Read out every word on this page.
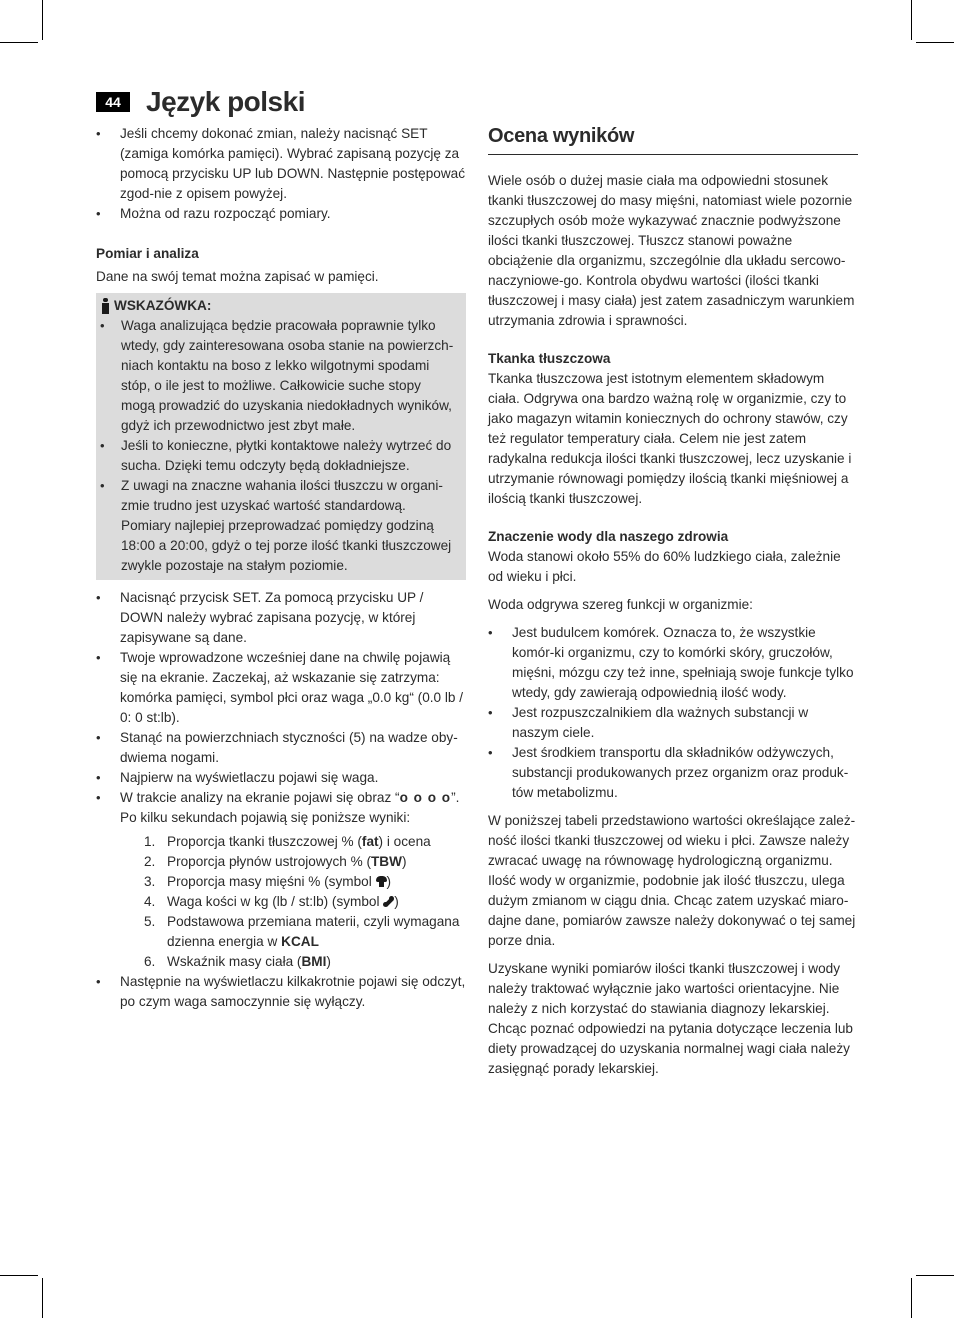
44 Język polski
• Jeśli chcemy dokonać zmian, należy nacisnąć SET (zamiga komórka pamięci). Wybrać zapisaną pozycję za pomocą przycisku UP lub DOWN. Następnie postępować zgod-nie z opisem powyżej.
• Można od razu rozpocząć pomiary.

Pomiar i analiza

Dane na swój temat można zapisać w pamięci.

WSKAZÓWKA:
• Waga analizująca będzie pracowała poprawnie tylko wtedy, gdy zainteresowana osoba stanie na powierzch-niach kontaktu na boso z lekko wilgotnymi spodami stóp, o ile jest to możliwe. Całkowicie suche stopy mogą prowadzić do uzyskania niedokładnych wyników, gdyż ich przewodnictwo jest zbyt małe.
• Jeśli to konieczne, płytki kontaktowe należy wytrzeć do sucha. Dzięki temu odczyty będą dokładniejsze.
• Z uwagi na znaczne wahania ilości tłuszczu w organi-zmie trudno jest uzyskać wartość standardową. Pomiary najlepiej przeprowadzać pomiędzy godziną 18:00 a 20:00, gdyż o tej porze ilość tkanki tłuszczowej zwykle pozostaje na stałym poziomie.
• Nacisnąć przycisk SET. Za pomocą przycisku UP / DOWN należy wybrać zapisana pozycję, w której zapisywane są dane.
• Twoje wprowadzone wcześniej dane na chwilę pojawią się na ekranie. Zaczekaj, aż wskazanie się zatrzyma: komórka pamięci, symbol płci oraz waga „0.0 kg“ (0.0 lb / 0: 0 st:lb).
• Stanąć na powierzchniach styczności (5) na wadze oby-dwiema nogami.
• Najpierw na wyświetlaczu pojawi się waga.
• W trakcie analizy na ekranie pojawi się obraz “o o o o”. Po kilku sekundach pojawią się poniższe wyniki:
1. Proporcja tkanki tłuszczowej % (fat) i ocena
2. Proporcja płynów ustrojowych % (TBW)
3. Proporcja masy mięśni % (symbol )
4. Waga kości w kg (lb / st:lb) (symbol )
5. Podstawowa przemiana materii, czyli wymagana dzienna energia w KCAL
6. Wskaźnik masy ciała (BMI)
• Następnie na wyświetlaczu kilkakrotnie pojawi się odczyt, po czym waga samoczynnie się wyłączy.
Ocena wyników

Wiele osób o dużej masie ciała ma odpowiedni stosunek tkanki tłuszczowej do masy mięśni, natomiast wiele pozornie szczupłych osób może wykazywać znacznie podwyższone ilości tkanki tłuszczowej. Tłuszcz stanowi poważne obciążenie dla organizmu, szczególnie dla układu sercowo-naczyniowe-go. Kontrola obydwu wartości (ilości tkanki tłuszczowej i masy ciała) jest zatem zasadniczym warunkiem utrzymania zdrowia i sprawności.

Tkanka tłuszczowa

Tkanka tłuszczowa jest istotnym elementem składowym ciała. Odgrywa ona bardzo ważną rolę w organizmie, czy to jako magazyn witamin koniecznych do ochrony stawów, czy też regulator temperatury ciała. Celem nie jest zatem radykalna redukcja ilości tkanki tłuszczowej, lecz uzyskanie i utrzymanie równowagi pomiędzy ilością tkanki mięśniowej a ilością tkanki tłuszczowej.

Znaczenie wody dla naszego zdrowia

Woda stanowi około 55% do 60% ludzkiego ciała, zależnie od wieku i płci.

Woda odgrywa szereg funkcji w organizmie:

• Jest budulcem komórek. Oznacza to, że wszystkie komór-ki organizmu, czy to komórki skóry, gruczołów, mięśni, mózgu czy też inne, spełniają swoje funkcje tylko wtedy, gdy zawierają odpowiednią ilość wody.
• Jest rozpuszczalnikiem dla ważnych substancji w naszym ciele.
• Jest środkiem transportu dla składników odżywczych, substancji produkowanych przez organizm oraz produk-tów metabolizmu.

W poniższej tabeli przedstawiono wartości określające zależ-ność ilości tkanki tłuszczowej od wieku i płci. Zawsze należy zwracać uwagę na równowagę hydrologiczną organizmu. Ilość wody w organizmie, podobnie jak ilość tłuszczu, ulega dużym zmianom w ciągu dnia. Chcąc zatem uzyskać miaro-dajne dane, pomiarów zawsze należy dokonywać o tej samej porze dnia.

Uzyskane wyniki pomiarów ilości tkanki tłuszczowej i wody należy traktować wyłącznie jako wartości orientacyjne. Nie należy z nich korzystać do stawiania diagnozy lekarskiej. Chcąc poznać odpowiedzi na pytania dotyczące leczenia lub diety prowadzącej do uzyskania normalnej wagi ciała należy zasięgnąć porady lekarskiej.
